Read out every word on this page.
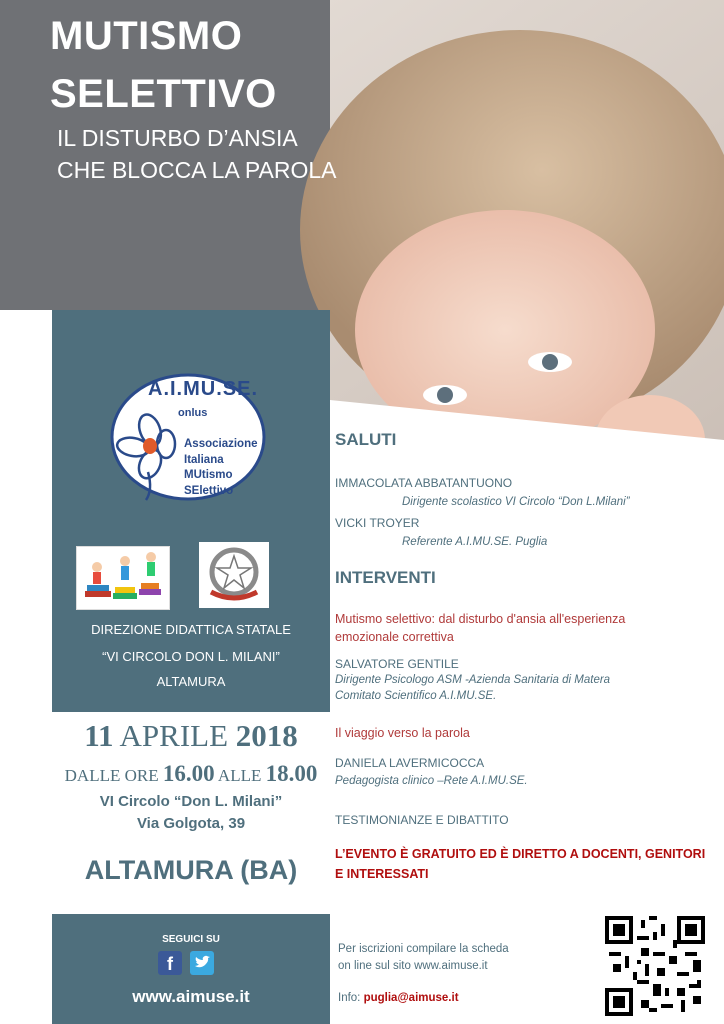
MUTISMO
SELETTIVO
IL DISTURBO D’ANSIA
CHE BLOCCA LA PAROLA
A.I.MU.SE.
onlus
Associazione
Italiana
MUtismo
SElettivo
DIREZIONE DIDATTICA STATALE
“VI CIRCOLO DON L. MILANI”
ALTAMURA
11 APRILE 2018
DALLE ORE 16.00 ALLE 18.00
VI Circolo “Don L. Milani”
Via Golgota, 39
ALTAMURA (BA)
SEGUICI SU
f
www.aimuse.it
SALUTI
IMMACOLATA ABBATANTUONO
Dirigente scolastico VI Circolo “Don L.Milani”
VICKI TROYER
Referente A.I.MU.SE. Puglia
INTERVENTI
Mutismo selettivo: dal disturbo d'ansia all'esperienza
emozionale correttiva
SALVATORE GENTILE
Dirigente Psicologo ASM -Azienda Sanitaria di Matera
Comitato Scientifico A.I.MU.SE.
Il viaggio verso la parola
DANIELA LAVERMICOCCA
Pedagogista clinico –Rete A.I.MU.SE.
TESTIMONIANZE E DIBATTITO
L’EVENTO È GRATUITO ED È DIRETTO A DOCENTI, GENITORI E INTERESSATI
Per iscrizioni compilare la scheda
on line sul sito www.aimuse.it
Info: puglia@aimuse.it
